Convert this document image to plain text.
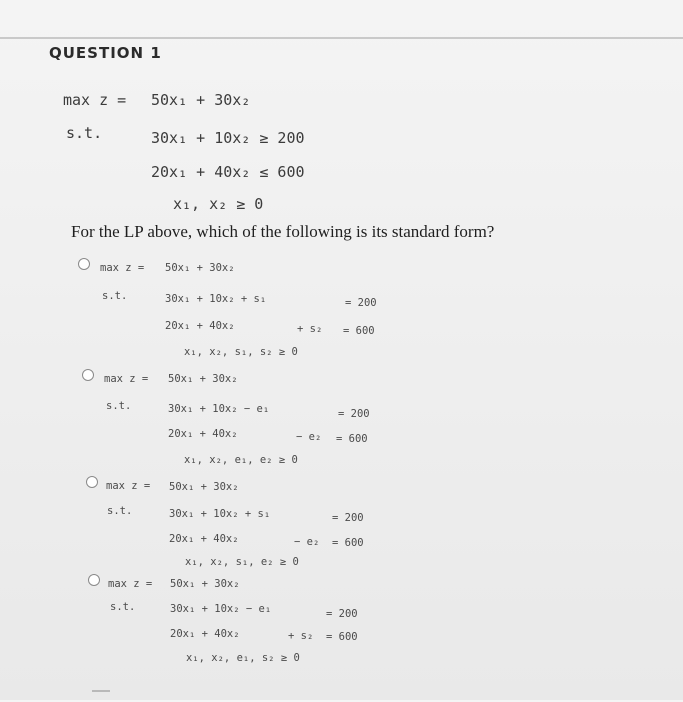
QUESTION 1
max z = 50x₁ + 30x₂
s.t.	30x₁ + 10x₂ ≥ 200
20x₁ + 40x₂ ≤ 600
x₁, x₂ ≥ 0
For the LP above, which of the following is its standard form?
max z = 50x₁ + 30x₂
s.t.	30x₁ + 10x₂ + s₁	= 200
20x₁ + 40x₂	+ s₂ = 600
x₁, x₂, s₁, s₂ ≥ 0
max z = 50x₁ + 30x₂
s.t.	30x₁ + 10x₂ − e₁	= 200
20x₁ + 40x₂	− e₂ = 600
x₁, x₂, e₁, e₂ ≥ 0
max z = 50x₁ + 30x₂
s.t.	30x₁ + 10x₂ + s₁	= 200
20x₁ + 40x₂	− e₂ = 600
x₁, x₂, s₁, e₂ ≥ 0
max z = 50x₁ + 30x₂
s.t.	30x₁ + 10x₂ − e₁	= 200
20x₁ + 40x₂	+ s₂ = 600
x₁, x₂, e₁, s₂ ≥ 0
